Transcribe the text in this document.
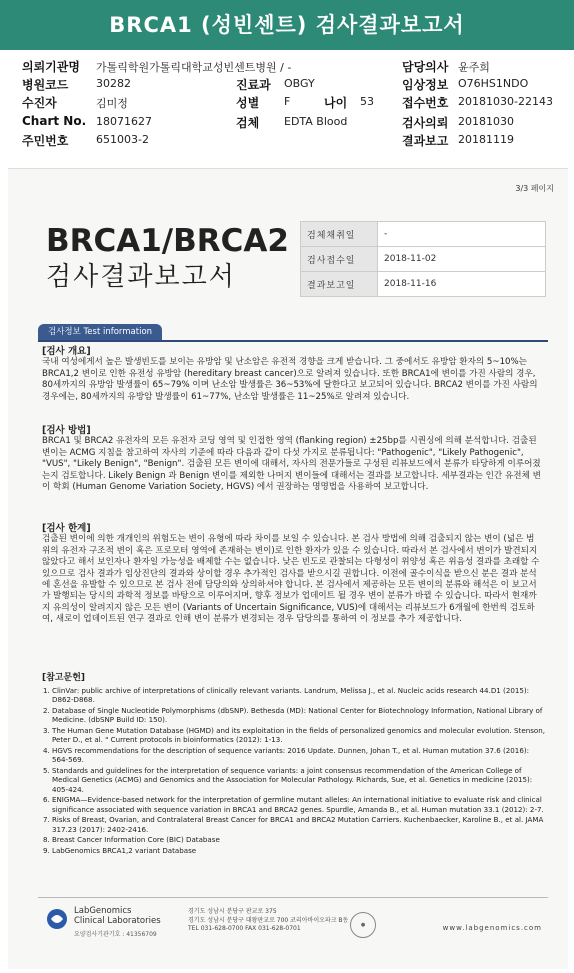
BRCA1 (성빈센트) 검사결과보고서
의뢰기관명 가톨릭학원가톨릭대학교성빈센트병원 / -
병원코드	30282
수진자	김미정
Chart No. 18071627
주민번호	651003-2
진료과 OBGY
성별 F	나이 53
검체 EDTA Blood
담당의사 윤주희
임상정보 O76HS1NDO
접수번호 20181030-22143
검사의뢰 20181030
결과보고 20181119
3/3 페이지
BRCA1/BRCA2
검사결과보고서
검체채취일	-
검사접수일	2018-11-02
결과보고일	2018-11-16
검사정보 Test information

[검사 개요]

국내 여성에게서 높은 발생빈도를 보이는 유방암 및 난소암은 유전적 경향을 크게 받습니다. 그 중에서도 유방암 환자의 5~10%는 BRCA1,2 변이로 인한 유전성 유방암 (hereditary breast cancer)으로 알려져 있습니다. 또한 BRCA1에 변이를 가진 사람의 경우, 80세까지의 유방암 발생률이 65~79% 이며 난소암 발생률은 36~53%에 달한다고 보고되어 있습니다. BRCA2 변이를 가진 사람의 경우에는, 80세까지의 유방암 발생률이 61~77%, 난소암 발생률은 11~25%로 알려져 있습니다.

[검사 방법]

BRCA1 및 BRCA2 유전자의 모든 유전자 코딩 영역 및 인접한 영역 (flanking region) ±25bp를 시퀀싱에 의해 분석합니다. 검출된 변이는 ACMG 지침을 참고하여 자사의 기준에 따라 다음과 같이 다섯 가지로 분류됩니다: "Pathogenic", "Likely Pathogenic", "VUS", "Likely Benign", "Benign". 검출된 모든 변이에 대해서, 자사의 전문가들로 구성된 리뷰보드에서 분류가 타당하게 이루어졌는지 검토합니다. Likely Benign 과 Benign 변이를 제외한 나머지 변이들에 대해서는 결과를 보고합니다. 세부결과는 인간 유전체 변이 학회 (Human Genome Variation Society, HGVS) 에서 권장하는 명명법을 사용하여 보고합니다.

[검사 한계]

검출된 변이에 의한 개개인의 위험도는 변이 유형에 따라 차이를 보일 수 있습니다. 본 검사 방법에 의해 검출되지 않는 변이 (넓은 범위의 유전자 구조적 변이 혹은 프로모터 영역에 존재하는 변이)로 인한 환자가 있을 수 있습니다. 따라서 본 검사에서 변이가 발견되지 않았다고 해서 보인자나 환자일 가능성을 배제할 수는 없습니다. 낮은 빈도로 관찰되는 다형성이 위양성 혹은 위음성 결과를 초래할 수 있으므로 검사 결과가 임상진단의 결과와 상이할 경우 추가적인 검사를 받으시길 권합니다. 이전에 골수이식을 받으신 분은 결과 분석에 혼선을 유발할 수 있으므로 본 검사 전에 담당의와 상의하셔야 합니다. 본 검사에서 제공하는 모든 변이의 분류와 해석은 이 보고서가 발행되는 당시의 과학적 정보를 바탕으로 이루어지며, 향후 정보가 업데이트 될 경우 변이 분류가 바뀔 수 있습니다. 따라서 현재까지 유의성이 알려지지 않은 모든 변이 (Variants of Uncertain Significance, VUS)에 대해서는 리뷰보드가 6개월에 한번씩 검토하여, 새로이 업데이트된 연구 결과로 인해 변이 분류가 변경되는 경우 담당의를 통하여 이 정보를 추가 제공합니다.

[참고문헌]
1. ClinVar: public archive of interpretations of clinically relevant variants. Landrum, Melissa J., et al. Nucleic acids research 44.D1 (2015): D862-D868.
2. Database of Single Nucleotide Polymorphisms (dbSNP). Bethesda (MD): National Center for Biotechnology Information, National Library of Medicine. (dbSNP Build ID: 150).
3. The Human Gene Mutation Database (HGMD) and its exploitation in the fields of personalized genomics and molecular evolution. Stenson, Peter D., et al. " Current protocols in bioinformatics (2012): 1-13.
4. HGVS recommendations for the description of sequence variants: 2016 Update. Dunnen, Johan T., et al. Human mutation 37.6 (2016): 564-569.
5. Standards and guidelines for the interpretation of sequence variants: a joint consensus recommendation of the American College of Medical Genetics (ACMG) and Genomics and the Association for Molecular Pathology. Richards, Sue, et al. Genetics in medicine (2015): 405-424.
6. ENIGMA—Evidence-based network for the interpretation of germline mutant alleles: An international initiative to evaluate risk and clinical significance associated with sequence variation in BRCA1 and BRCA2 genes. Spurdle, Amanda B., et al. Human mutation 33.1 (2012): 2-7.
7. Risks of Breast, Ovarian, and Contralateral Breast Cancer for BRCA1 and BRCA2 Mutation Carriers. Kuchenbaecker, Karoline B., et al. JAMA 317.23 (2017): 2402-2416.
8. Breast Cancer Information Core (BIC) Database
9. LabGenomics BRCA1,2 variant Database
LabGenomics
Clinical Laboratories
요양검사기관기호 : 41356709
경기도 성남시 분당구 판교로 375
경기도 성남시 분당구 대왕판교로 700 코리아바이오파크 B동
TEL 031-628-0700 FAX 031-628-0701	●	www.labgenomics.com
